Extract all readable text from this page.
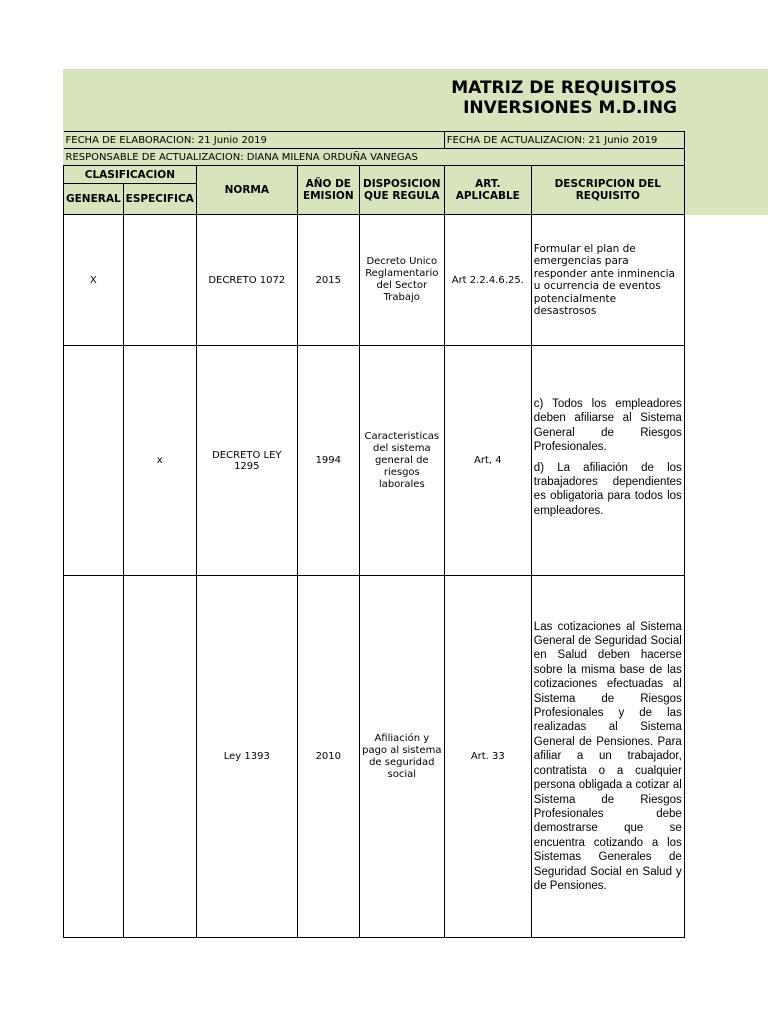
MATRIZ DE REQUISITOS
INVERSIONES M.D.ING
FECHA DE ELABORACION: 21 Junio 2019					FECHA DE ACTUALIZACION: 21 Junio 2019	
RESPONSABLE DE ACTUALIZACION: DIANA MILENA ORDUÑA VANEGAS						
CLASIFICACION		NORMA	AÑO DE EMISION	DISPOSICION QUE REGULA	ART. APLICABLE	DESCRIPCION DEL REQUISITO
GENERAL	ESPECIFICA					
X		DECRETO 1072	2015	Decreto Unico Reglamentario del Sector Trabajo	Art 2.2.4.6.25.	Formular el plan de emergencias para responder ante inminencia u ocurrencia de eventos potencialmente desastrosos
	x	DECRETO LEY 1295	1994	Caracteristicas del sistema general de riesgos laborales	Art, 4	c) Todos los empleadores deben afiliarse al Sistema General de Riesgos Profesionales.

d) La afiliación de los trabajadores dependientes es obligatoria para todos los empleadores.

		Ley 1393	2010	Afiliación y pago al sistema de seguridad social	Art. 33	Las cotizaciones al Sistema General de Seguridad Social en Salud deben hacerse sobre la misma base de las cotizaciones efectuadas al Sistema de Riesgos Profesionales y de las realizadas al Sistema General de Pensiones. Para afiliar a un trabajador, contratista o a cualquier persona obligada a cotizar al Sistema de Riesgos Profesionales debe demostrarse que se encuentra cotizando a los Sistemas Generales de Seguridad Social en Salud y de Pensiones.
